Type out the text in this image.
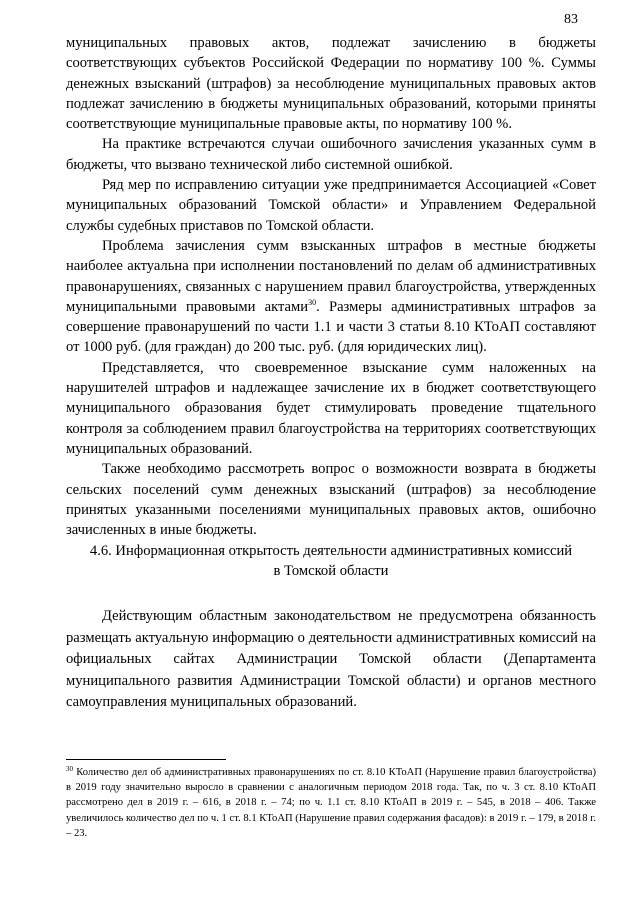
83

муниципальных правовых актов, подлежат зачислению в бюджеты соответствующих субъектов Российской Федерации по нормативу 100 %. Суммы денежных взысканий (штрафов) за несоблюдение муниципальных правовых актов подлежат зачислению в бюджеты муниципальных образований, которыми приняты соответствующие муниципальные правовые акты, по нормативу 100 %.

На практике встречаются случаи ошибочного зачисления указанных сумм в бюджеты, что вызвано технической либо системной ошибкой.

Ряд мер по исправлению ситуации уже предпринимается Ассоциацией «Совет муниципальных образований Томской области» и Управлением Федеральной службы судебных приставов по Томской области.

Проблема зачисления сумм взысканных штрафов в местные бюджеты наиболее актуальна при исполнении постановлений по делам об административных правонарушениях, связанных с нарушением правил благоустройства, утвержденных муниципальными правовыми актами$^{30}$. Размеры административных штрафов за совершение правонарушений по части 1.1 и части 3 статьи 8.10 КТоАП составляют от 1000 руб. (для граждан) до 200 тыс. руб. (для юридических лиц).

Представляется, что своевременное взыскание сумм наложенных на нарушителей штрафов и надлежащее зачисление их в бюджет соответствующего муниципального образования будет стимулировать проведение тщательного контроля за соблюдением правил благоустройства на территориях соответствующих муниципальных образований.

Также необходимо рассмотреть вопрос о возможности возврата в бюджеты сельских поселений сумм денежных взысканий (штрафов) за несоблюдение принятых указанными поселениями муниципальных правовых актов, ошибочно зачисленных в иные бюджеты.

4.6. Информационная открытость деятельности административных комиссий
в Томской области

Действующим областным законодательством не предусмотрена обязанность размещать актуальную информацию о деятельности административных комиссий на официальных сайтах Администрации Томской области (Департамента муниципального развития Администрации Томской области) и органов местного самоуправления муниципальных образований.

$^{30}$ Количество дел об административных правонарушениях по ст. 8.10 КТоАП (Нарушение правил благоустройства) в 2019 году значительно выросло в сравнении с аналогичным периодом 2018 года. Так, по ч. 3 ст. 8.10 КТоАП рассмотрено дел в 2019 г. – 616, в 2018 г. – 74; по ч. 1.1 ст. 8.10 КТоАП в 2019 г. – 545, в 2018 – 406. Также увеличилось количество дел по ч. 1 ст. 8.1 КТоАП (Нарушение правил содержания фасадов): в 2019 г. – 179, в 2018 г. – 23.
